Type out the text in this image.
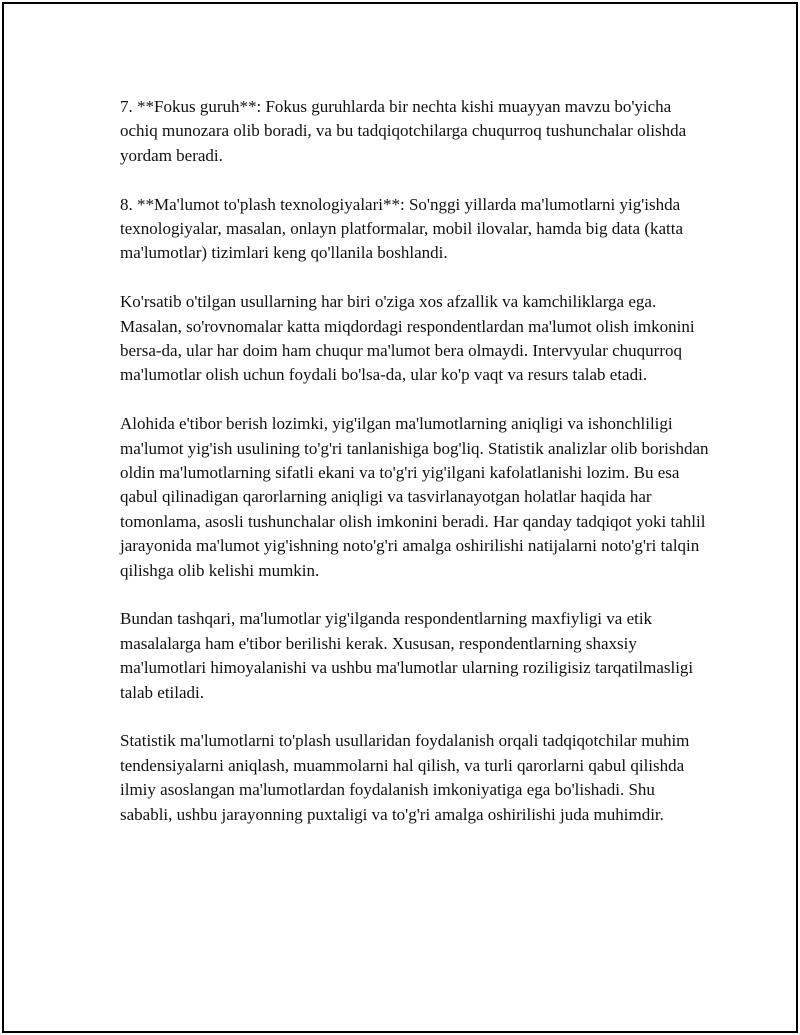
7. **Fokus guruh**: Fokus guruhlarda bir nechta kishi muayyan mavzu bo'yicha ochiq munozara olib boradi, va bu tadqiqotchilarga chuqurroq tushunchalar olishda yordam beradi.

8. **Ma'lumot to'plash texnologiyalari**: So'nggi yillarda ma'lumotlarni yig'ishda texnologiyalar, masalan, onlayn platformalar, mobil ilovalar, hamda big data (katta ma'lumotlar) tizimlari keng qo'llanila boshlandi.

Ko'rsatib o'tilgan usullarning har biri o'ziga xos afzallik va kamchiliklarga ega. Masalan, so'rovnomalar katta miqdordagi respondentlardan ma'lumot olish imkonini bersa-da, ular har doim ham chuqur ma'lumot bera olmaydi. Intervyular chuqurroq ma'lumotlar olish uchun foydali bo'lsa-da, ular ko'p vaqt va resurs talab etadi.

Alohida e'tibor berish lozimki, yig'ilgan ma'lumotlarning aniqligi va ishonchliligi ma'lumot yig'ish usulining to'g'ri tanlanishiga bog'liq. Statistik analizlar olib borishdan oldin ma'lumotlarning sifatli ekani va to'g'ri yig'ilgani kafolatlanishi lozim. Bu esa qabul qilinadigan qarorlarning aniqligi va tasvirlanayotgan holatlar haqida har tomonlama, asosli tushunchalar olish imkonini beradi. Har qanday tadqiqot yoki tahlil jarayonida ma'lumot yig'ishning noto'g'ri amalga oshirilishi natijalarni noto'g'ri talqin qilishga olib kelishi mumkin.

Bundan tashqari, ma'lumotlar yig'ilganda respondentlarning maxfiyligi va etik masalalarga ham e'tibor berilishi kerak. Xususan, respondentlarning shaxsiy ma'lumotlari himoyalanishi va ushbu ma'lumotlar ularning roziligisiz tarqatilmasligi talab etiladi.

Statistik ma'lumotlarni to'plash usullaridan foydalanish orqali tadqiqotchilar muhim tendensiyalarni aniqlash, muammolarni hal qilish, va turli qarorlarni qabul qilishda ilmiy asoslangan ma'lumotlardan foydalanish imkoniyatiga ega bo'lishadi. Shu sababli, ushbu jarayonning puxtaligi va to'g'ri amalga oshirilishi juda muhimdir.
